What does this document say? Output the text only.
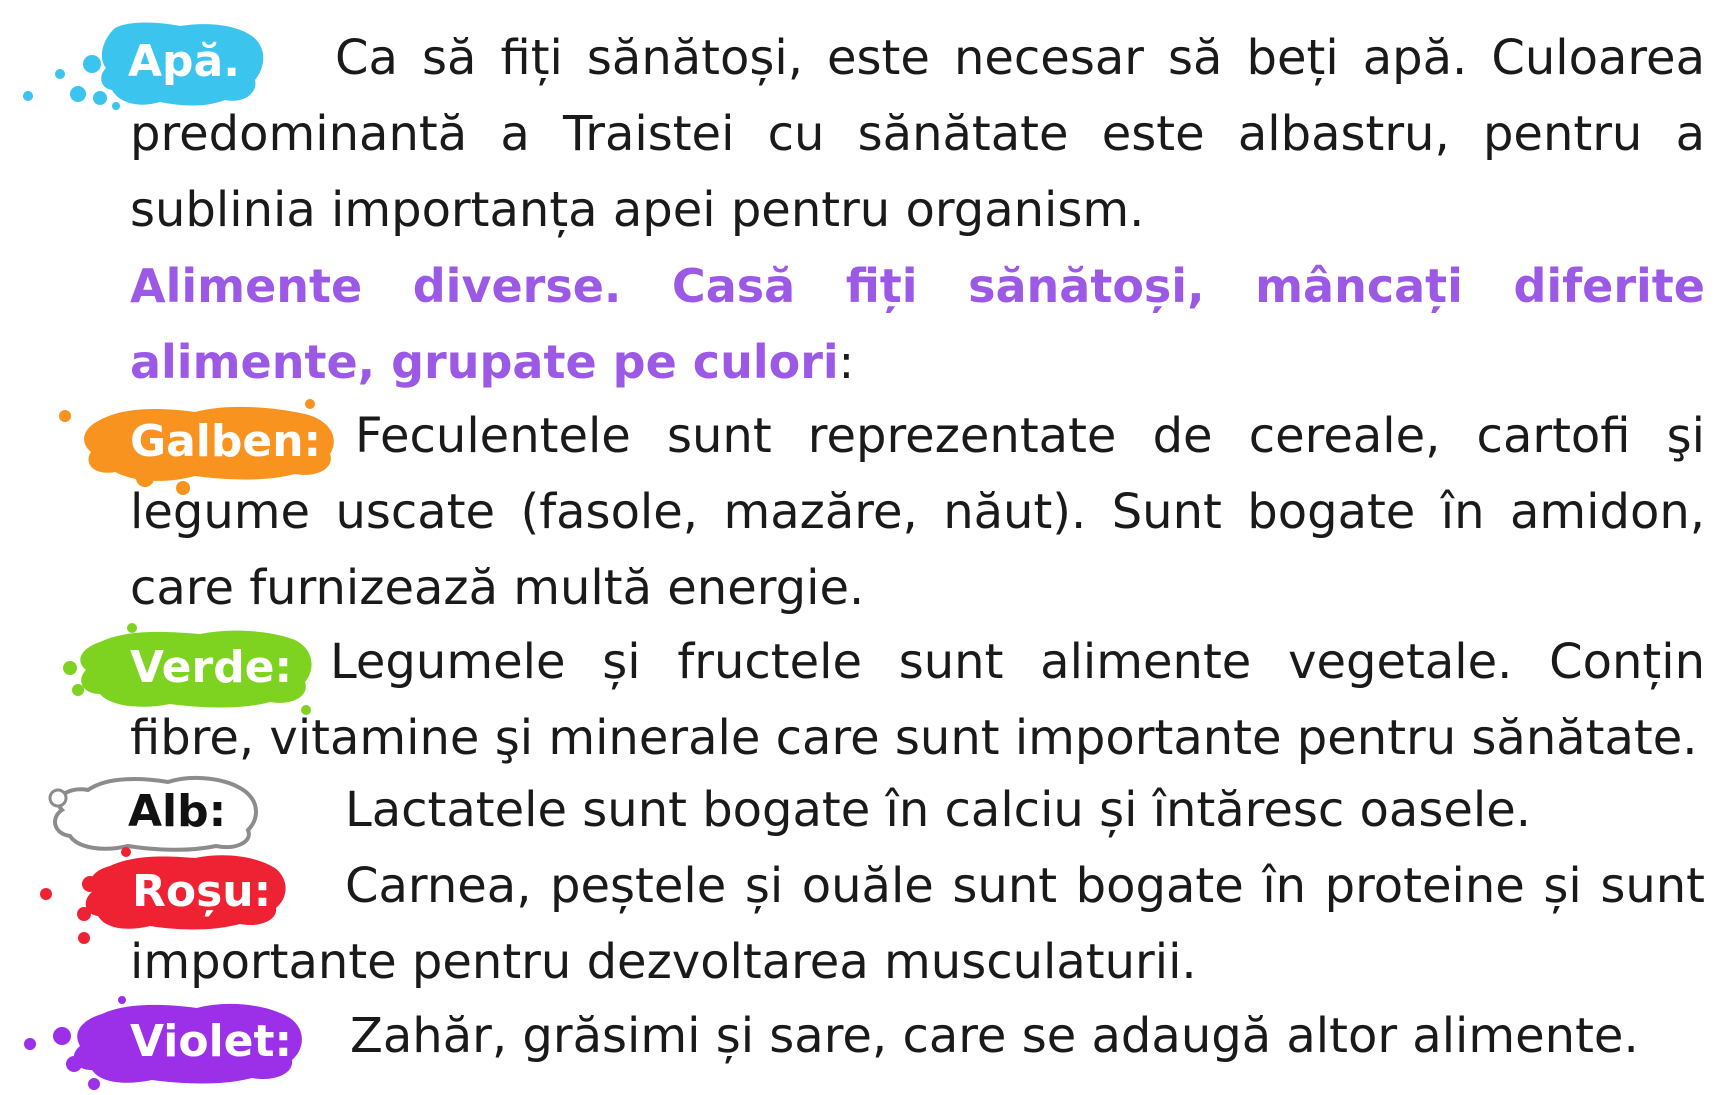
Apă.	Ca să fiți sănătoși, este necesar să beți apă. Culoarea predominantă a Traistei cu sănătate este albastru, pentru a sublinia importanța apei pentru organism.

Alimente diverse. Casă fiți sănătoși, mâncați diferite alimente, grupate pe culori:

Galben: Feculentele sunt reprezentate de cereale, cartofi şi legume uscate (fasole, mazăre, năut). Sunt bogate în amidon, care furnizează multă energie.

Verde: Legumele și fructele sunt alimente vegetale. Conțin fibre, vitamine şi minerale care sunt importante pentru sănătate.

Alb:	Lactatele sunt bogate în calciu și întăresc oasele.

Roșu:	Carnea, peștele și ouăle sunt bogate în proteine și sunt importante pentru dezvoltarea musculaturii.

Violet:	Zahăr, grăsimi și sare, care se adaugă altor alimente.
